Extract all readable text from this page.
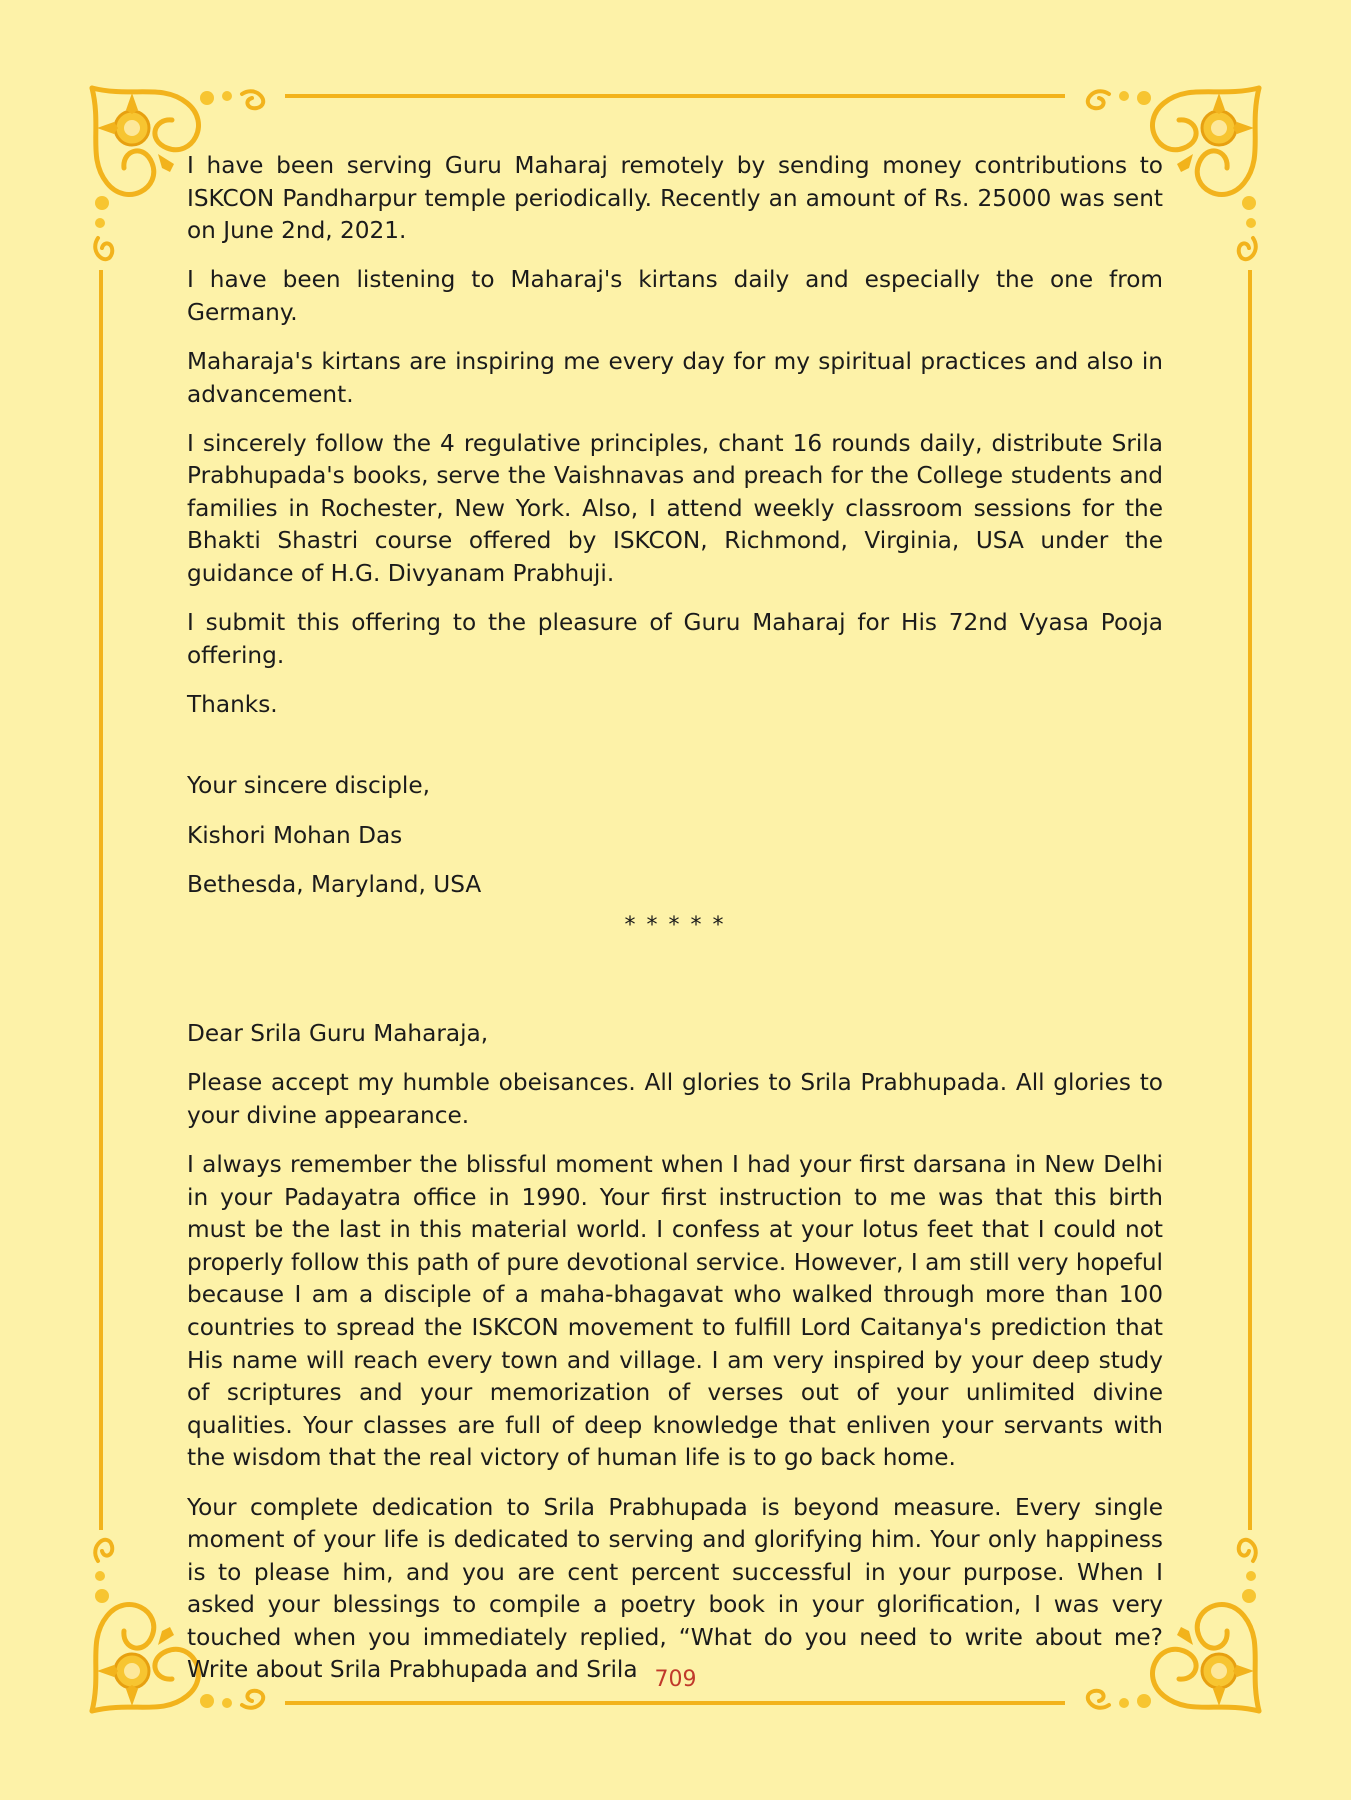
I have been serving Guru Maharaj remotely by sending money contributions to ISKCON Pandharpur temple periodically. Recently an amount of Rs. 25000 was sent on June 2nd, 2021.

I have been listening to Maharaj's kirtans daily and especially the one from Germany.

Maharaja's kirtans are inspiring me every day for my spiritual practices and also in advancement.

I sincerely follow the 4 regulative principles, chant 16 rounds daily, distribute Srila Prabhupada's books, serve the Vaishnavas and preach for the College students and families in Rochester, New York. Also, I attend weekly classroom sessions for the Bhakti Shastri course offered by ISKCON, Richmond, Virginia, USA under the guidance of H.G. Divyanam Prabhuji.

I submit this offering to the pleasure of Guru Maharaj for His 72nd Vyasa Pooja offering.

Thanks.

Your sincere disciple,

Kishori Mohan Das

Bethesda, Maryland, USA

* * * * *

Dear Srila Guru Maharaja,

Please accept my humble obeisances. All glories to Srila Prabhupada. All glories to your divine appearance.

I always remember the blissful moment when I had your first darsana in New Delhi in your Padayatra office in 1990. Your first instruction to me was that this birth must be the last in this material world. I confess at your lotus feet that I could not properly follow this path of pure devotional service. However, I am still very hopeful because I am a disciple of a maha-bhagavat who walked through more than 100 countries to spread the ISKCON movement to fulfill Lord Caitanya's prediction that His name will reach every town and village. I am very inspired by your deep study of scriptures and your memorization of verses out of your unlimited divine qualities. Your classes are full of deep knowledge that enliven your servants with the wisdom that the real victory of human life is to go back home.

Your complete dedication to Srila Prabhupada is beyond measure. Every single moment of your life is dedicated to serving and glorifying him. Your only happiness is to please him, and you are cent percent successful in your purpose. When I asked your blessings to compile a poetry book in your glorification, I was very touched when you immediately replied, “What do you need to write about me? Write about Srila Prabhupada and Srila 709
